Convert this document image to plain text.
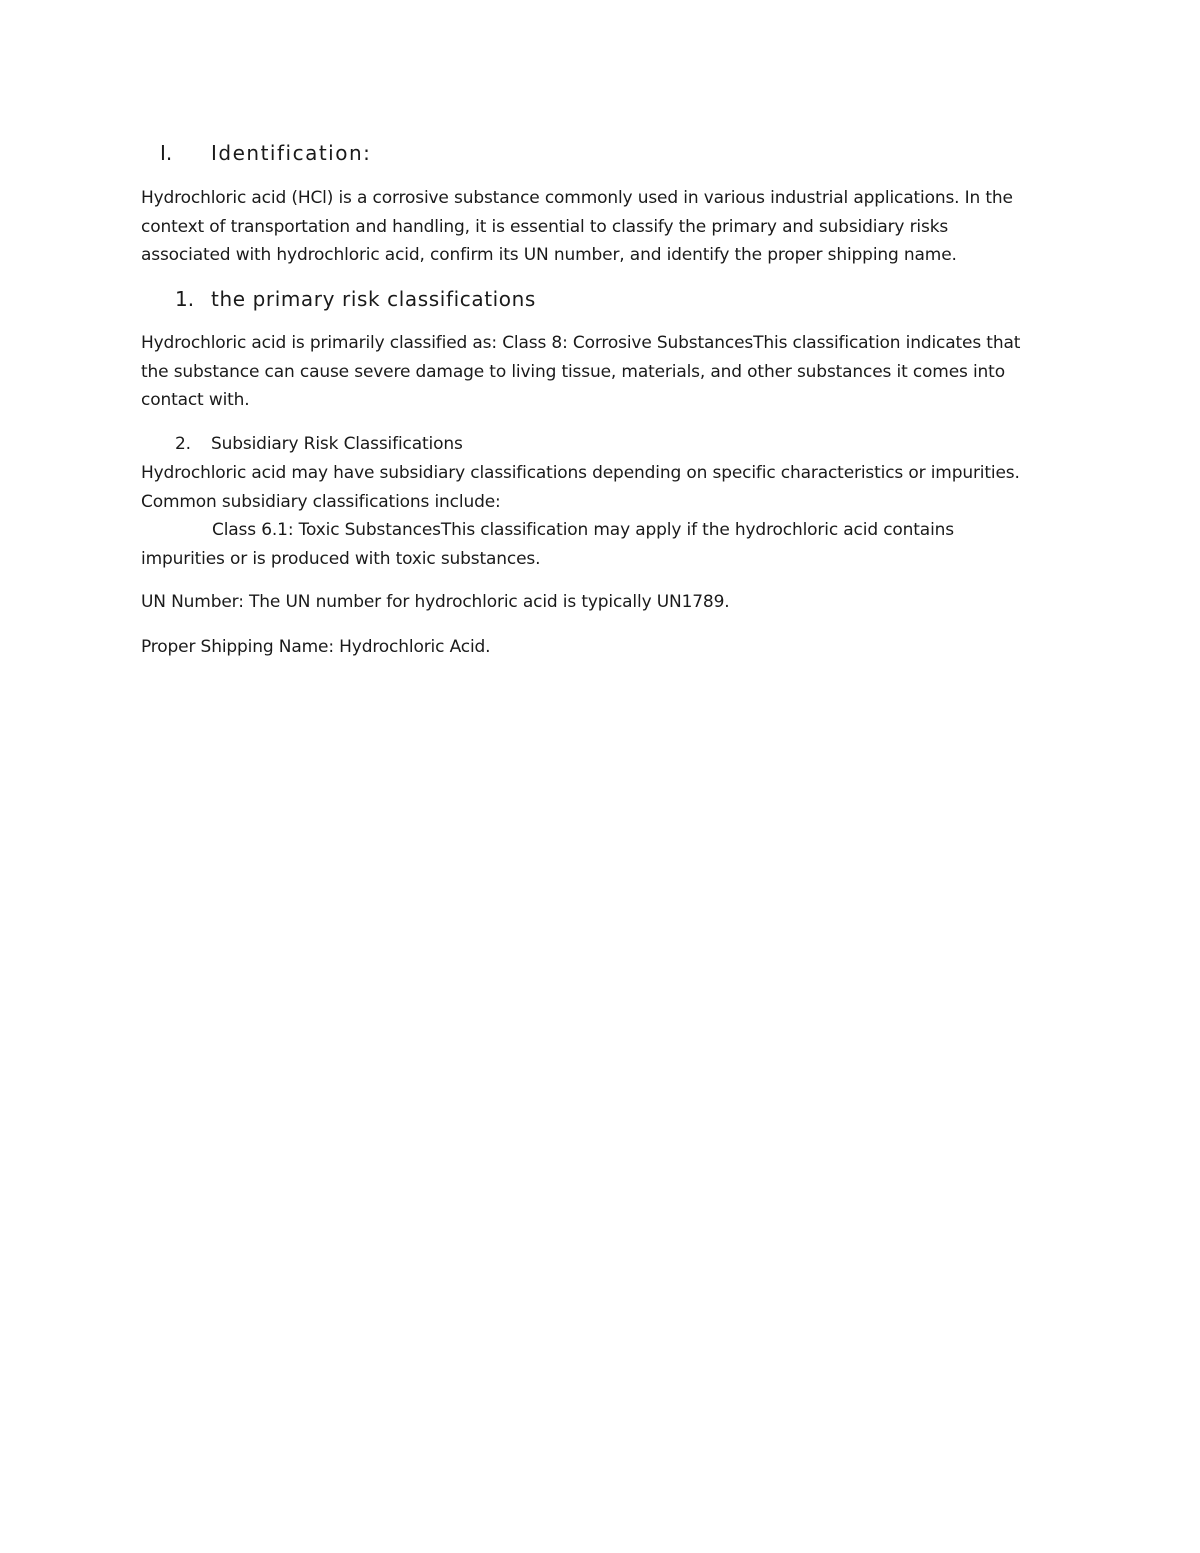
I. Identification:
Hydrochloric acid (HCl) is a corrosive substance commonly used in various industrial applications. In the
context of transportation and handling, it is essential to classify the primary and subsidiary risks
associated with hydrochloric acid, confirm its UN number, and identify the proper shipping name.
1. the primary risk classifications
Hydrochloric acid is primarily classified as: Class 8: Corrosive SubstancesThis classification indicates that
the substance can cause severe damage to living tissue, materials, and other substances it comes into
contact with.
2. Subsidiary Risk Classifications
Hydrochloric acid may have subsidiary classifications depending on specific characteristics or impurities.
Common subsidiary classifications include:
Class 6.1: Toxic SubstancesThis classification may apply if the hydrochloric acid contains
impurities or is produced with toxic substances.
UN Number: The UN number for hydrochloric acid is typically UN1789.
Proper Shipping Name: Hydrochloric Acid.
